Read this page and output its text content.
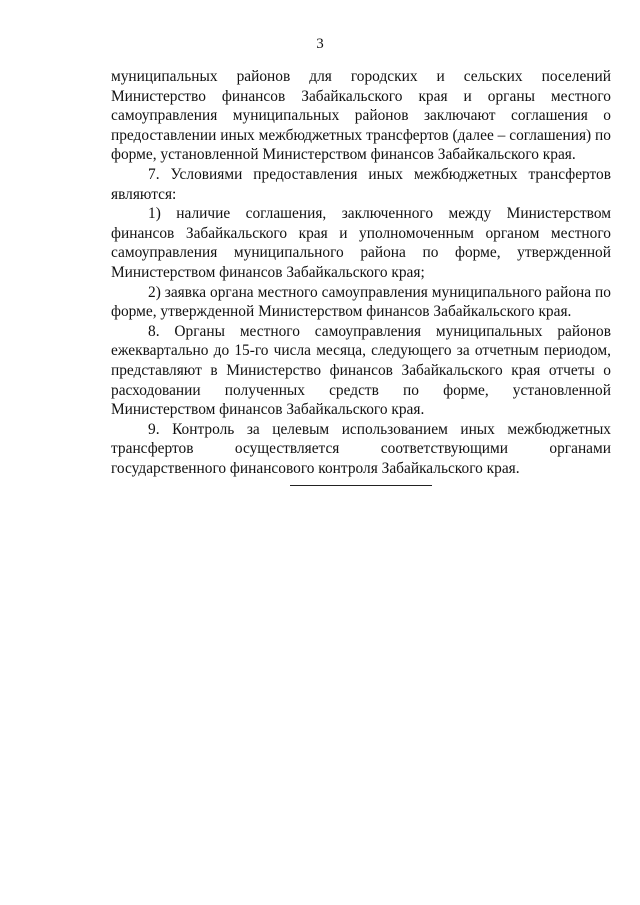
3

муниципальных районов для городских и сельских поселений Министерство финансов Забайкальского края и органы местного самоуправления муниципальных районов заключают соглашения о предоставлении иных межбюджетных трансфертов (далее – соглашения) по форме, установленной Министерством финансов Забайкальского края.

7. Условиями предоставления иных межбюджетных трансфертов являются:

1) наличие соглашения, заключенного между Министерством финансов Забайкальского края и уполномоченным органом местного самоуправления муниципального района по форме, утвержденной Министерством финансов Забайкальского края;

2) заявка органа местного самоуправления муниципального района по форме, утвержденной Министерством финансов Забайкальского края.

8. Органы местного самоуправления муниципальных районов ежеквартально до 15-го числа месяца, следующего за отчетным периодом, представляют в Министерство финансов Забайкальского края отчеты о расходовании полученных средств по форме, установленной Министерством финансов Забайкальского края.

9. Контроль за целевым использованием иных межбюджетных трансфертов осуществляется соответствующими органами государственного финансового контроля Забайкальского края.
